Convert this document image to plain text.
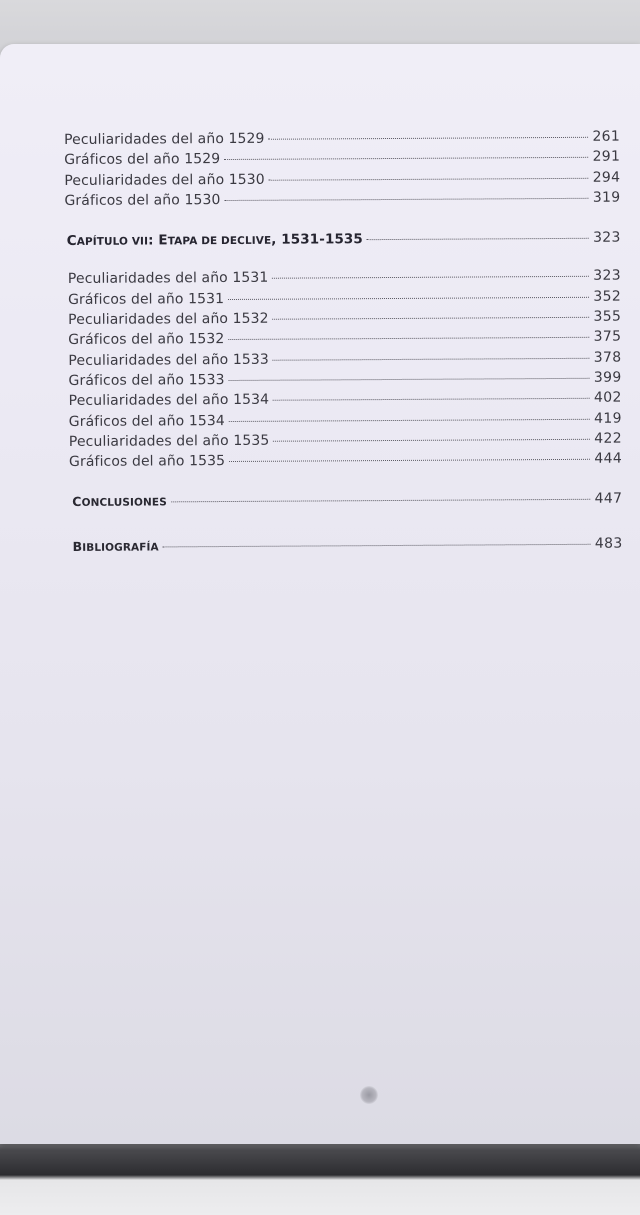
Peculiaridades del año 1529	261
Gráficos del año 1529	291
Peculiaridades del año 1530	294
Gráficos del año 1530	319
CAPÍTULO VII: ETAPA DE DECLIVE, 1531-1535	323
Peculiaridades del año 1531	323
Gráficos del año 1531	352
Peculiaridades del año 1532	355
Gráficos del año 1532	375
Peculiaridades del año 1533	378
Gráficos del año 1533	399
Peculiaridades del año 1534	402
Gráficos del año 1534	419
Peculiaridades del año 1535	422
Gráficos del año 1535	444
CONCLUSIONES	447
BIBLIOGRAFÍA	483
